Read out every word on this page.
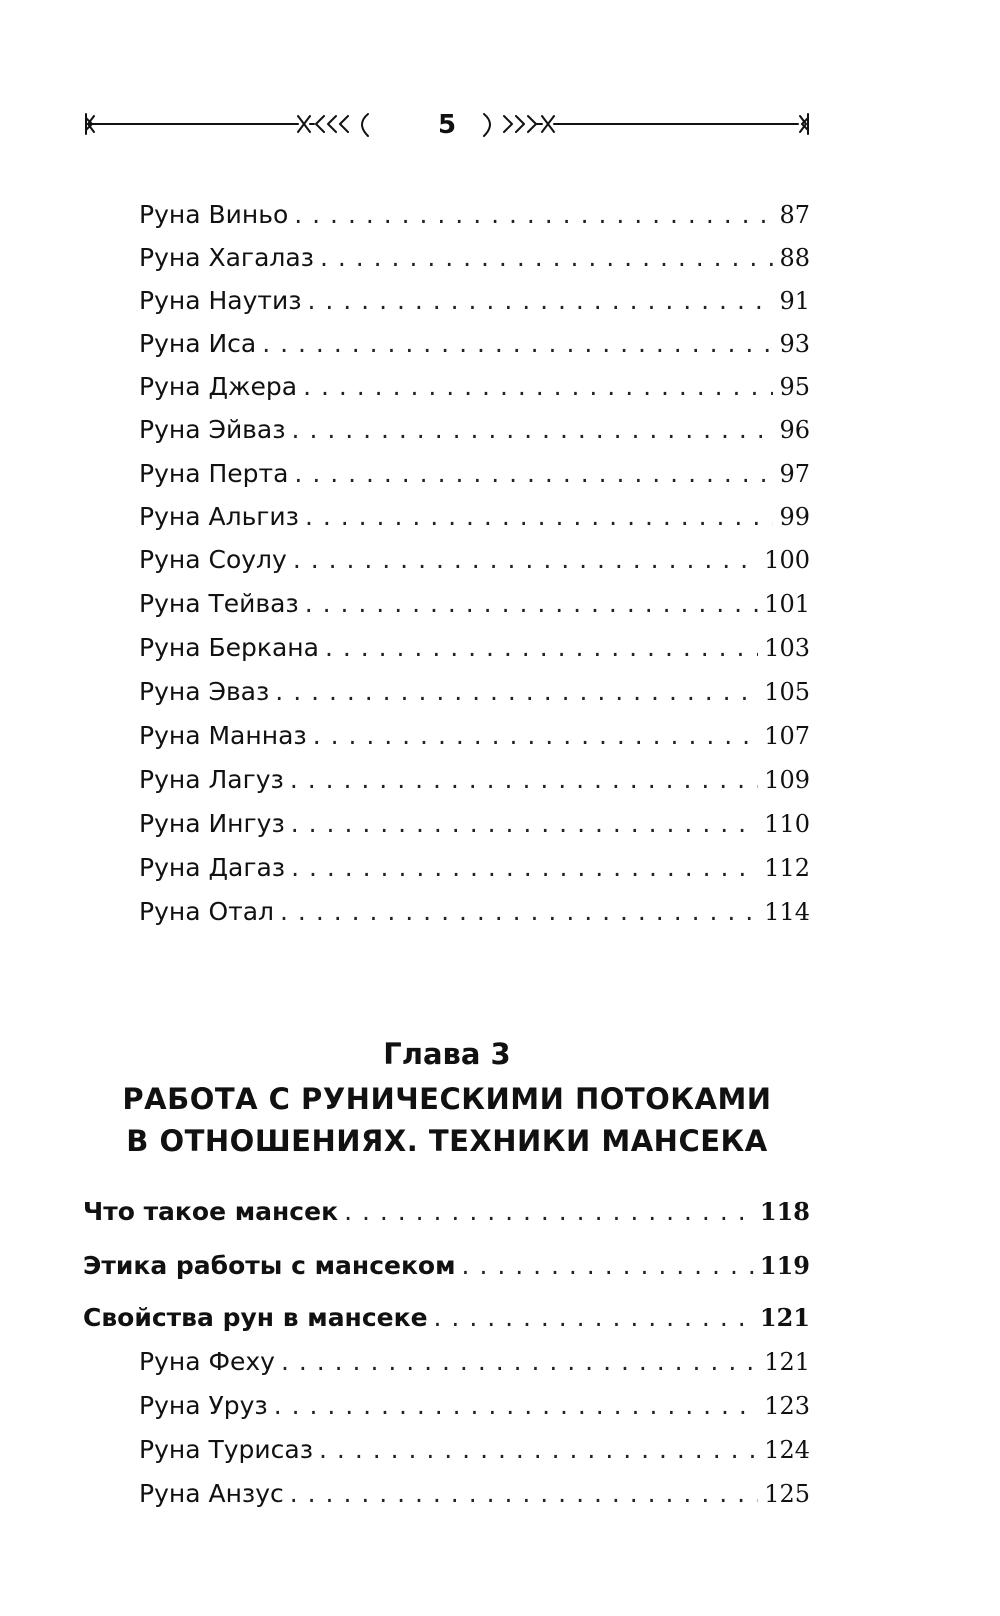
5
Руна Виньо . . .	87
Руна Хагалаз . . .	88
Руна Наутиз . . .	91
Руна Иса . . .	93
Руна Джера . . .	95
Руна Эйваз . . .	96
Руна Перта . . .	97
Руна Альгиз . . .	99
Руна Соулу . . .	100
Руна Тейваз . . .	101
Руна Беркана . . .	103
Руна Эваз . . .	105
Руна Манназ . . .	107
Руна Лагуз . . .	109
Руна Ингуз . . .	110
Руна Дагаз . . .	112
Руна Отал . . .	114
Глава 3
РАБОТА С РУНИЧЕСКИМИ ПОТОКАМИ
В ОТНОШЕНИЯХ. ТЕХНИКИ МАНСЕКА
Что такое мансек . . .	118
Этика работы с мансеком . . .	119
Свойства рун в мансеке . . .	121
Руна Феху . . .	121
Руна Уруз . . .	123
Руна Турисаз . . .	124
Руна Анзус . . .	125
